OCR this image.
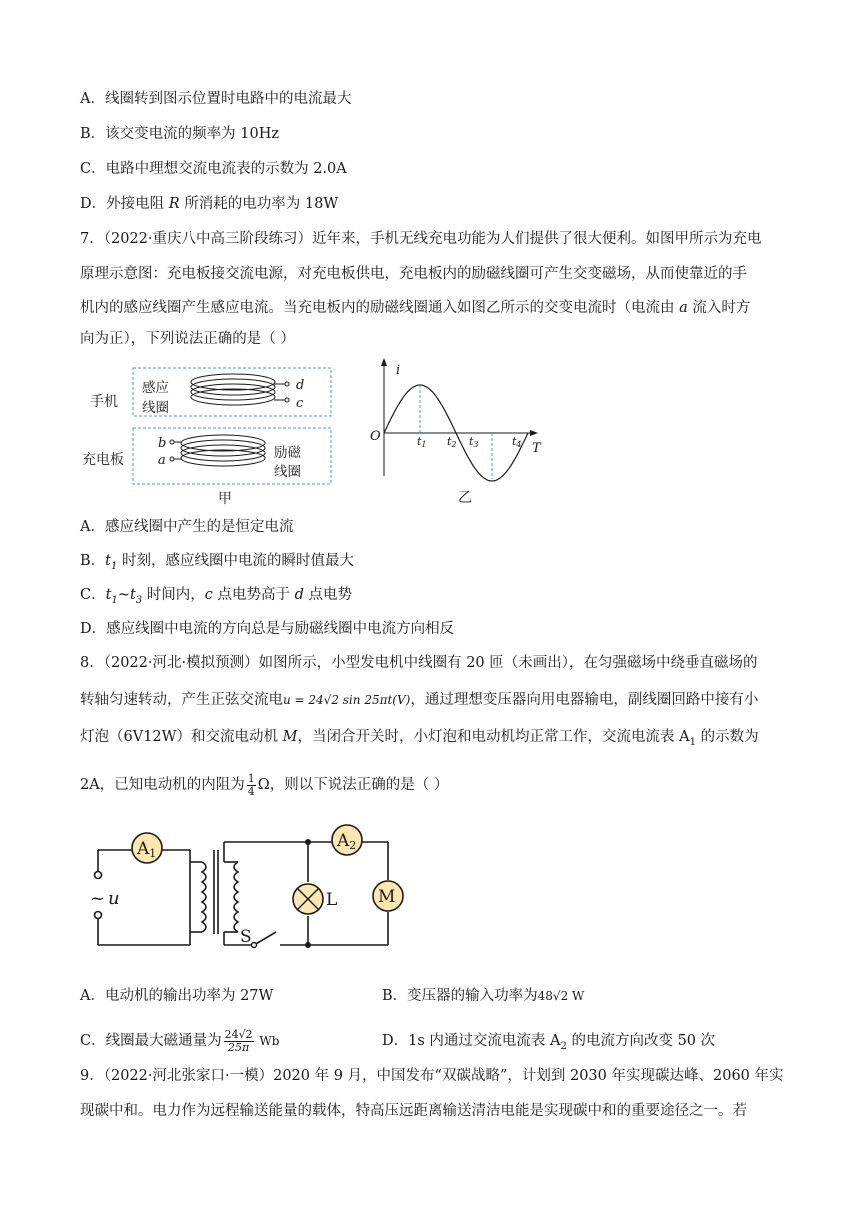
A．线圈转到图示位置时电路中的电流最大
B．该交变电流的频率为 10Hz
C．电路中理想交流电流表的示数为 2.0A
D．外接电阻 R 所消耗的电功率为 18W
7．（2022·重庆八中高三阶段练习）近年来，手机无线充电功能为人们提供了很大便利。如图甲所示为充电
原理示意图：充电板接交流电源，对充电板供电，充电板内的励磁线圈可产生交变磁场，从而使靠近的手
机内的感应线圈产生感应电流。当充电板内的励磁线圈通入如图乙所示的交变电流时（电流由 a 流入时方
向为正），下列说法正确的是（ ）
手机
充电板
感应
线圈
励磁
线圈
d
c
b
a
甲
i
O
T
t1 t2 t3	t4
乙
A．感应线圈中产生的是恒定电流
B．$t_1$ 时刻，感应线圈中电流的瞬时值最大
C．$t_1\sim t_3$ 时间内，c 点电势高于 d 点电势
D．感应线圈中电流的方向总是与励磁线圈中电流方向相反
8．（2022·河北·模拟预测）如图所示，小型发电机中线圈有 20 匝（未画出），在匀强磁场中绕垂直磁场的
转轴匀速转动，产生正弦交流电u = 24√2 sin 25πt(V)，通过理想变压器向用电器输电，副线圈回路中接有小
灯泡（6V12W）和交流电动机 M，当闭合开关时，小灯泡和电动机均正常工作，交流电流表 $A_1$ 的示数为
2A，已知电动机的内阻为 $\frac{1}{4}$ Ω，则以下说法正确的是（ ）
A1
A2
M
L
S
~ u
A．电动机的输出功率为 27W	B．变压器的输入功率为48√2 W
C．线圈最大磁通量为 $\frac{24√2}{25\pi}$ Wb	D．1s 内通过交流电流表 $A_2$ 的电流方向改变 50 次
9．（2022·河北张家口·一模）2020 年 9 月，中国发布“双碳战略”，计划到 2030 年实现碳达峰、2060 年实
现碳中和。电力作为远程输送能量的载体，特高压远距离输送清洁电能是实现碳中和的重要途径之一。若
